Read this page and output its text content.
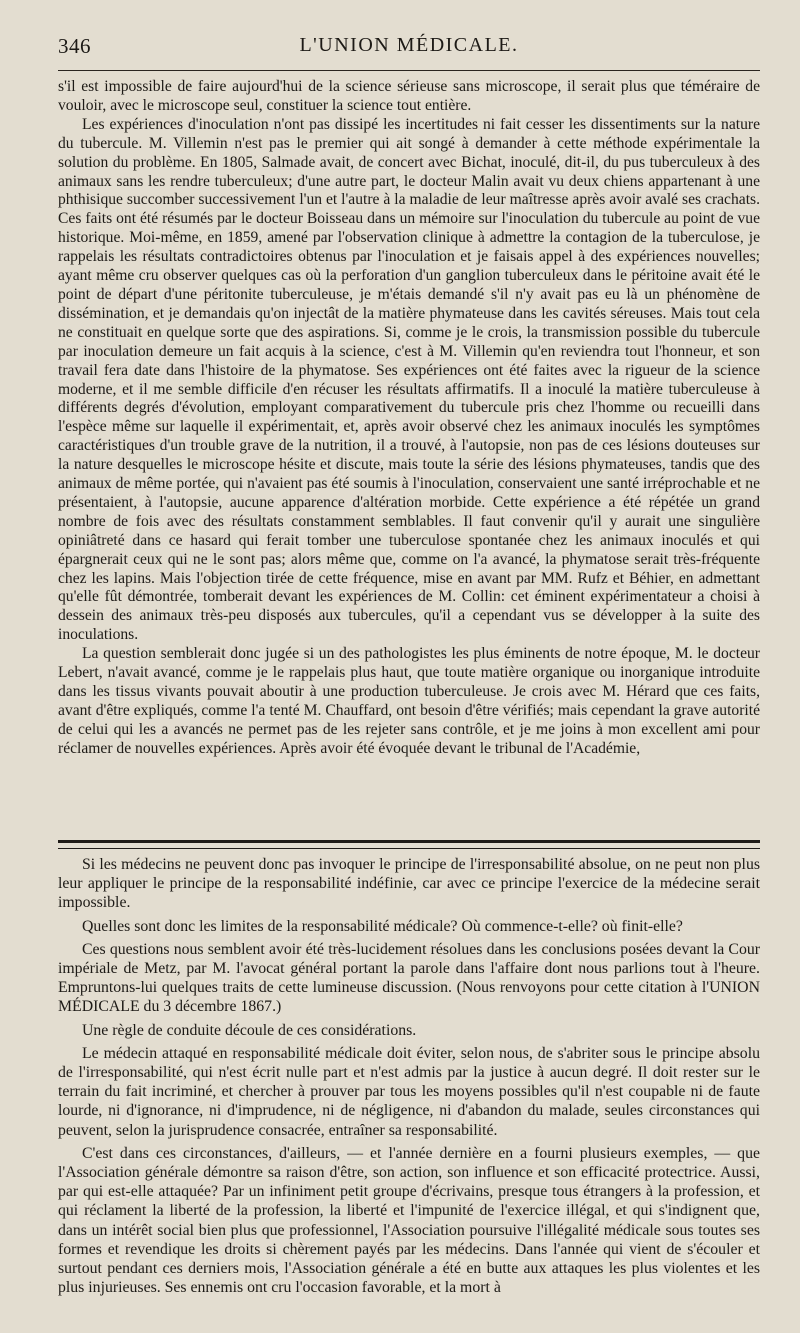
346	L'UNION MÉDICALE.

s'il est impossible de faire aujourd'hui de la science sérieuse sans microscope, il serait plus que téméraire de vouloir, avec le microscope seul, constituer la science tout entière.

Les expériences d'inoculation n'ont pas dissipé les incertitudes ni fait cesser les dissentiments sur la nature du tubercule. M. Villemin n'est pas le premier qui ait songé à demander à cette méthode expérimentale la solution du problème. En 1805, Salmade avait, de concert avec Bichat, inoculé, dit-il, du pus tuberculeux à des animaux sans les rendre tuberculeux; d'une autre part, le docteur Malin avait vu deux chiens appartenant à une phthisique succomber successivement l'un et l'autre à la maladie de leur maîtresse après avoir avalé ses crachats. Ces faits ont été résumés par le docteur Boisseau dans un mémoire sur l'inoculation du tubercule au point de vue historique. Moi-même, en 1859, amené par l'observation clinique à admettre la contagion de la tuberculose, je rappelais les résultats contradictoires obtenus par l'inoculation et je faisais appel à des expériences nouvelles; ayant même cru observer quelques cas où la perforation d'un ganglion tuberculeux dans le péritoine avait été le point de départ d'une péritonite tuberculeuse, je m'étais demandé s'il n'y avait pas eu là un phénomène de dissémination, et je demandais qu'on injectât de la matière phymateuse dans les cavités séreuses. Mais tout cela ne constituait en quelque sorte que des aspirations. Si, comme je le crois, la transmission possible du tubercule par inoculation demeure un fait acquis à la science, c'est à M. Villemin qu'en reviendra tout l'honneur, et son travail fera date dans l'histoire de la phymatose. Ses expériences ont été faites avec la rigueur de la science moderne, et il me semble difficile d'en récuser les résultats affirmatifs. Il a inoculé la matière tuberculeuse à différents degrés d'évolution, employant comparativement du tubercule pris chez l'homme ou recueilli dans l'espèce même sur laquelle il expérimentait, et, après avoir observé chez les animaux inoculés les symptômes caractéristiques d'un trouble grave de la nutrition, il a trouvé, à l'autopsie, non pas de ces lésions douteuses sur la nature desquelles le microscope hésite et discute, mais toute la série des lésions phymateuses, tandis que des animaux de même portée, qui n'avaient pas été soumis à l'inoculation, conservaient une santé irréprochable et ne présentaient, à l'autopsie, aucune apparence d'altération morbide. Cette expérience a été répétée un grand nombre de fois avec des résultats constamment semblables. Il faut convenir qu'il y aurait une singulière opiniâtreté dans ce hasard qui ferait tomber une tuberculose spontanée chez les animaux inoculés et qui épargnerait ceux qui ne le sont pas; alors même que, comme on l'a avancé, la phymatose serait très-fréquente chez les lapins. Mais l'objection tirée de cette fréquence, mise en avant par MM. Rufz et Béhier, en admettant qu'elle fût démontrée, tomberait devant les expériences de M. Collin: cet éminent expérimentateur a choisi à dessein des animaux très-peu disposés aux tubercules, qu'il a cependant vus se développer à la suite des inoculations.

La question semblerait donc jugée si un des pathologistes les plus éminents de notre époque, M. le docteur Lebert, n'avait avancé, comme je le rappelais plus haut, que toute matière organique ou inorganique introduite dans les tissus vivants pouvait aboutir à une production tuberculeuse. Je crois avec M. Hérard que ces faits, avant d'être expliqués, comme l'a tenté M. Chauffard, ont besoin d'être vérifiés; mais cependant la grave autorité de celui qui les a avancés ne permet pas de les rejeter sans contrôle, et je me joins à mon excellent ami pour réclamer de nouvelles expériences. Après avoir été évoquée devant le tribunal de l'Académie,

Si les médecins ne peuvent donc pas invoquer le principe de l'irresponsabilité absolue, on ne peut non plus leur appliquer le principe de la responsabilité indéfinie, car avec ce principe l'exercice de la médecine serait impossible.

Quelles sont donc les limites de la responsabilité médicale? Où commence-t-elle? où finit-elle?

Ces questions nous semblent avoir été très-lucidement résolues dans les conclusions posées devant la Cour impériale de Metz, par M. l'avocat général portant la parole dans l'affaire dont nous parlions tout à l'heure. Empruntons-lui quelques traits de cette lumineuse discussion. (Nous renvoyons pour cette citation à l'UNION MÉDICALE du 3 décembre 1867.)

Une règle de conduite découle de ces considérations.

Le médecin attaqué en responsabilité médicale doit éviter, selon nous, de s'abriter sous le principe absolu de l'irresponsabilité, qui n'est écrit nulle part et n'est admis par la justice à aucun degré. Il doit rester sur le terrain du fait incriminé, et chercher à prouver par tous les moyens possibles qu'il n'est coupable ni de faute lourde, ni d'ignorance, ni d'imprudence, ni de négligence, ni d'abandon du malade, seules circonstances qui peuvent, selon la jurisprudence consacrée, entraîner sa responsabilité.

C'est dans ces circonstances, d'ailleurs, — et l'année dernière en a fourni plusieurs exemples, — que l'Association générale démontre sa raison d'être, son action, son influence et son efficacité protectrice. Aussi, par qui est-elle attaquée? Par un infiniment petit groupe d'écrivains, presque tous étrangers à la profession, et qui réclament la liberté de la profession, la liberté et l'impunité de l'exercice illégal, et qui s'indignent que, dans un intérêt social bien plus que professionnel, l'Association poursuive l'illégalité médicale sous toutes ses formes et revendique les droits si chèrement payés par les médecins. Dans l'année qui vient de s'écouler et surtout pendant ces derniers mois, l'Association générale a été en butte aux attaques les plus violentes et les plus injurieuses. Ses ennemis ont cru l'occasion favorable, et la mort à
